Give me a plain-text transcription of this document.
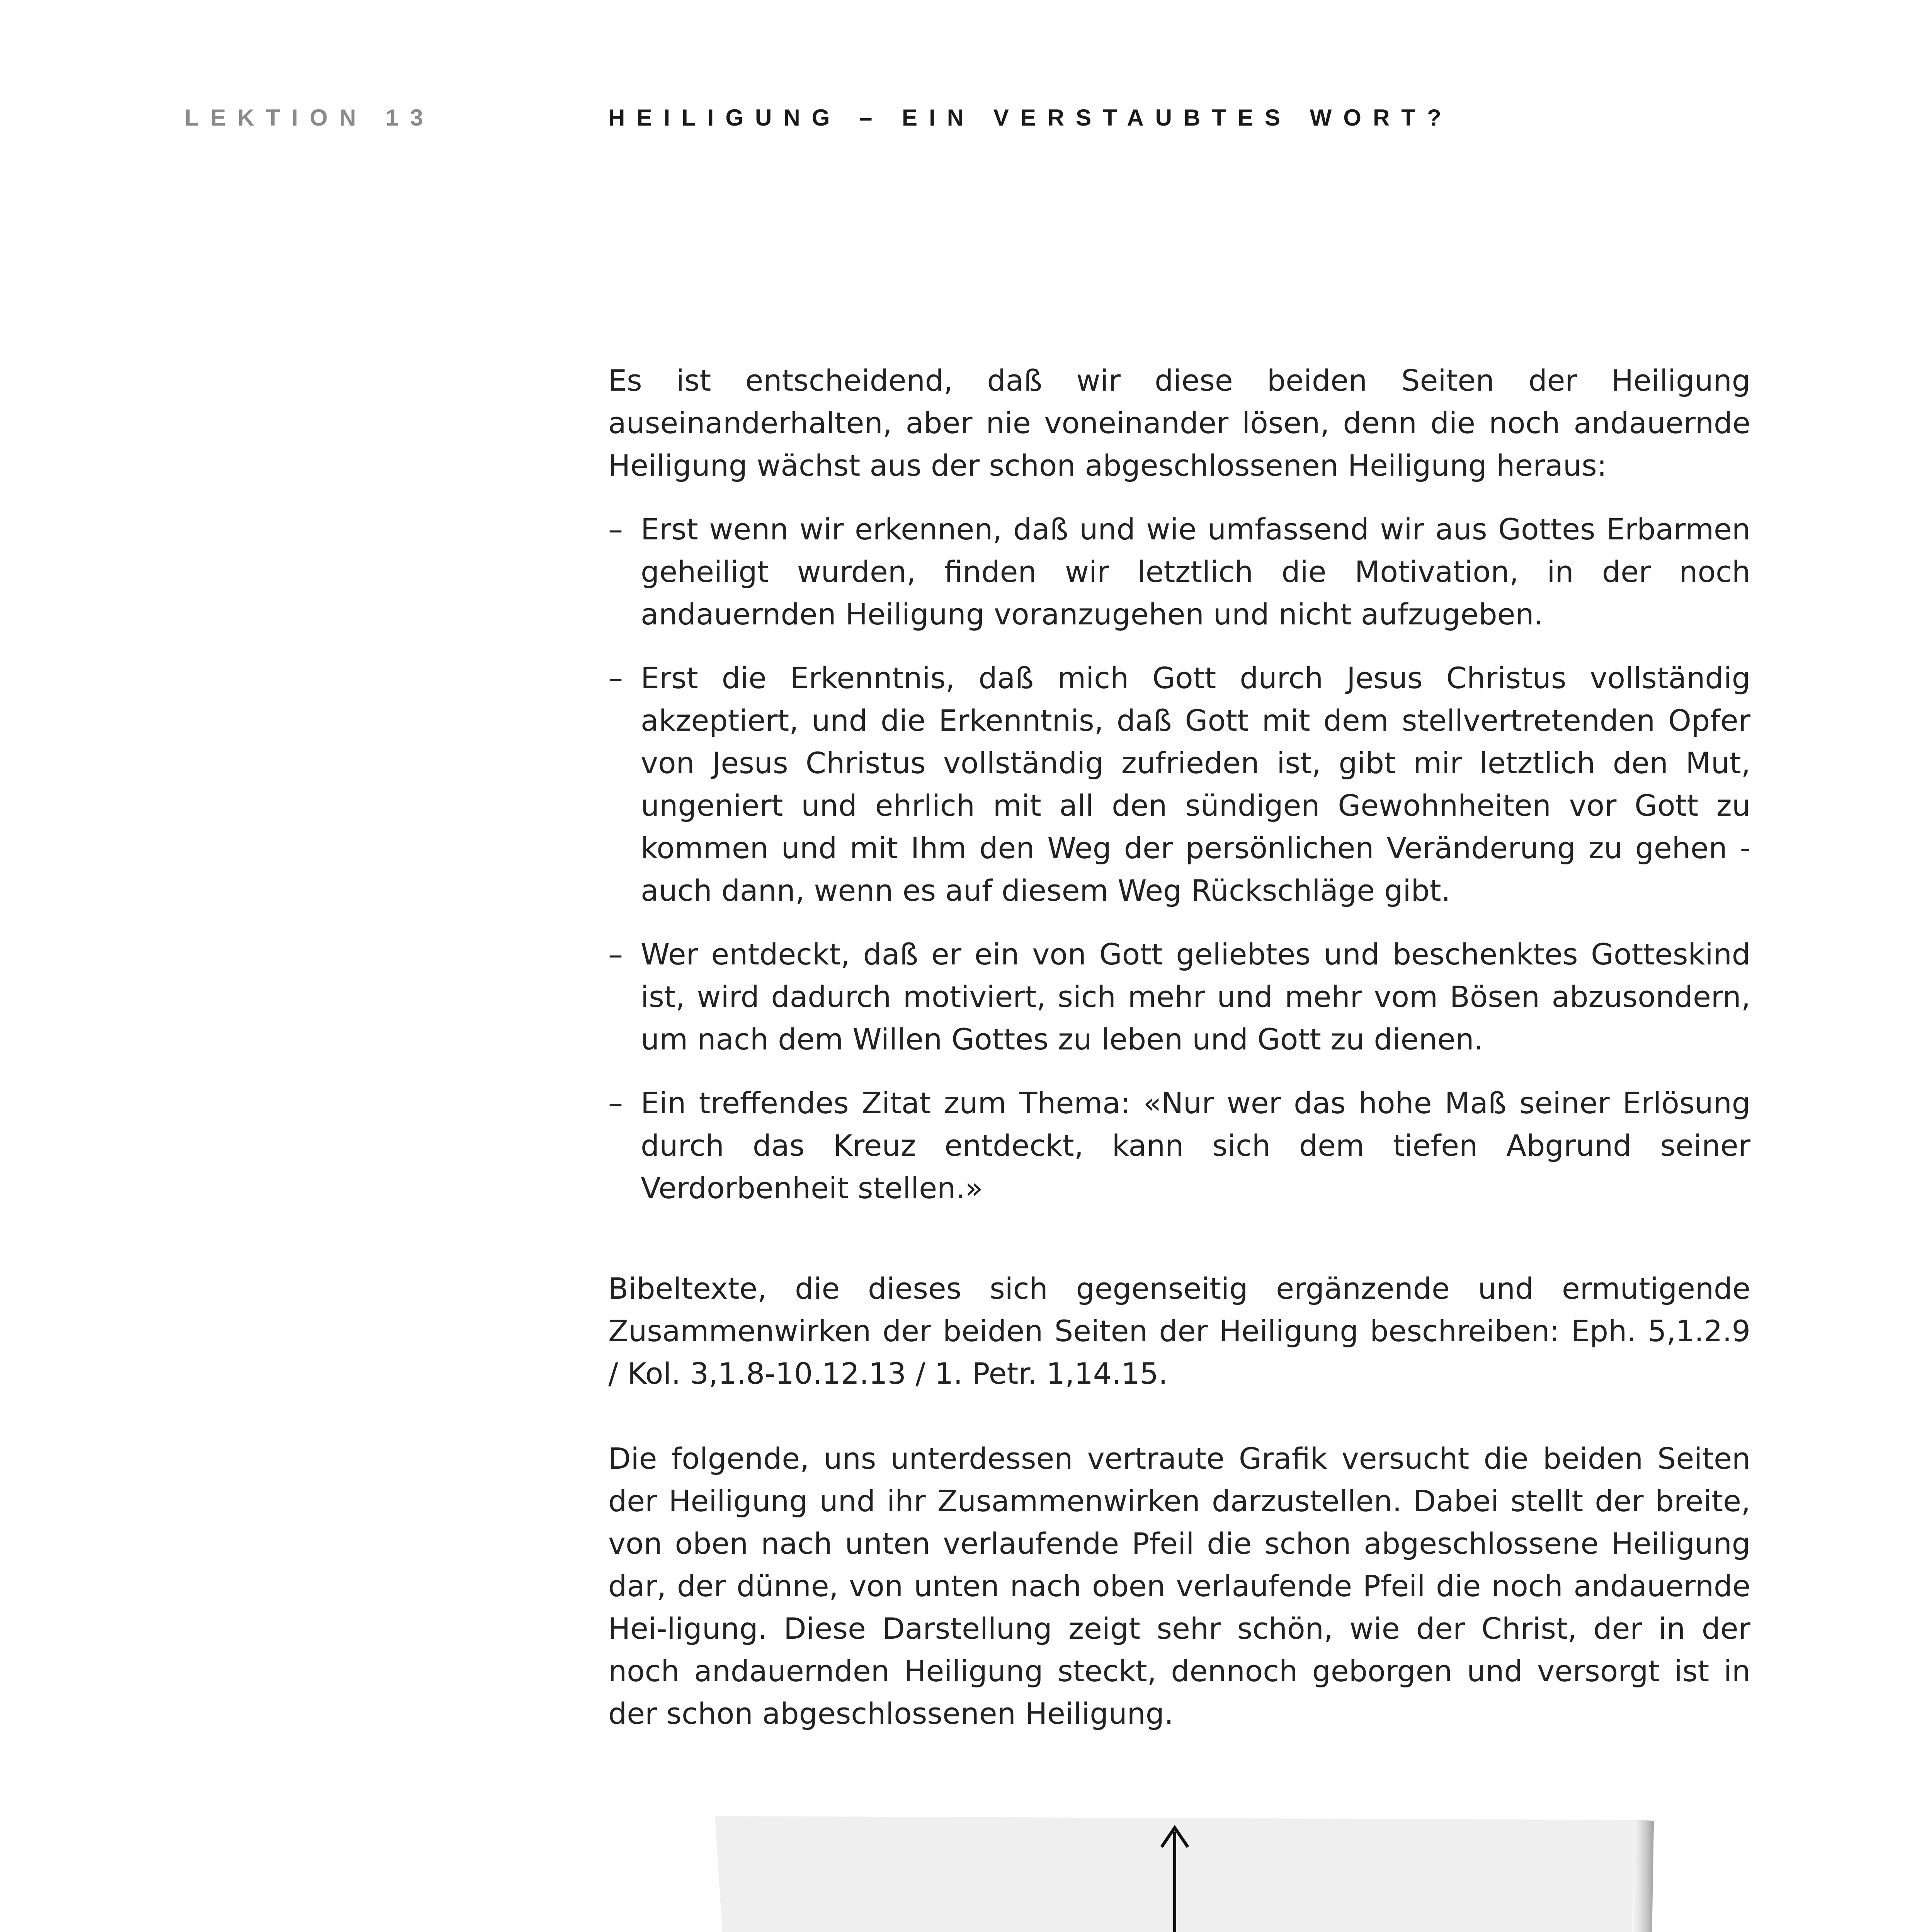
LEKTION 13	HEILIGUNG – EIN VERSTAUBTES WORT?

Es ist entscheidend, daß wir diese beiden Seiten der Heiligung auseinanderhalten, aber nie voneinander lösen, denn die noch andauernde Heiligung wächst aus der schon abgeschlossenen Heiligung heraus:

– Erst wenn wir erkennen, daß und wie umfassend wir aus Gottes Erbarmen geheiligt wurden, finden wir letztlich die Motivation, in der noch andauernden Heiligung voranzugehen und nicht aufzugeben.
– Erst die Erkenntnis, daß mich Gott durch Jesus Christus vollständig akzeptiert, und die Erkenntnis, daß Gott mit dem stellvertretenden Opfer von Jesus Christus vollständig zufrieden ist, gibt mir letztlich den Mut, ungeniert und ehrlich mit all den sündigen Gewohnheiten vor Gott zu kommen und mit Ihm den Weg der persönlichen Veränderung zu gehen - auch dann, wenn es auf diesem Weg Rückschläge gibt.
– Wer entdeckt, daß er ein von Gott geliebtes und beschenktes Gotteskind ist, wird dadurch motiviert, sich mehr und mehr vom Bösen abzusondern, um nach dem Willen Gottes zu leben und Gott zu dienen.
– Ein treffendes Zitat zum Thema: «Nur wer das hohe Maß seiner Erlösung durch das Kreuz entdeckt, kann sich dem tiefen Abgrund seiner Verdorbenheit stellen.»

Bibeltexte, die dieses sich gegenseitig ergänzende und ermutigende Zusammenwirken der beiden Seiten der Heiligung beschreiben: Eph. 5,1.2.9 / Kol. 3,1.8-10.12.13 / 1. Petr. 1,14.15.

Die folgende, uns unterdessen vertraute Grafik versucht die beiden Seiten der Heiligung und ihr Zusammenwirken darzustellen. Dabei stellt der breite, von oben nach unten verlaufende Pfeil die schon abgeschlossene Heiligung dar, der dünne, von unten nach oben verlaufende Pfeil die noch andauernde Hei-ligung. Diese Darstellung zeigt sehr schön, wie der Christ, der in der noch andauernden Heiligung steckt, dennoch geborgen und versorgt ist in der schon abgeschlossenen Heiligung.
